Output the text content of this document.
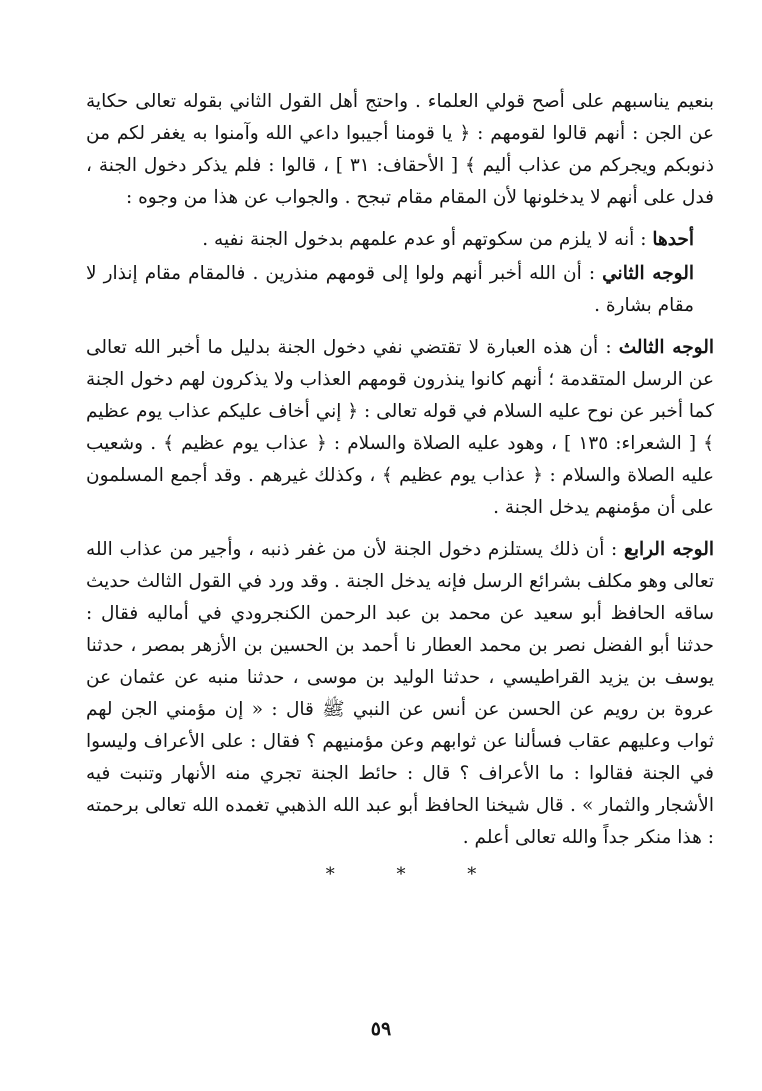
بنعيم يناسبهم على أصح قولي العلماء . واحتج أهل القول الثاني بقوله تعالى حكاية عن الجن : أنهم قالوا لقومهم : ﴿ يا قومنا أجيبوا داعي الله وآمنوا به يغفر لكم من ذنوبكم ويجركم من عذاب أليم ﴾ [ الأحقاف: ٣١ ] ، قالوا : فلم يذكر دخول الجنة ، فدل على أنهم لا يدخلونها لأن المقام مقام تبجح . والجواب عن هذا من وجوه :

أحدها : أنه لا يلزم من سكوتهم أو عدم علمهم بدخول الجنة نفيه .

الوجه الثاني : أن الله أخبر أنهم ولوا إلى قومهم منذرين . فالمقام مقام إنذار لا مقام بشارة .

الوجه الثالث : أن هذه العبارة لا تقتضي نفي دخول الجنة بدليل ما أخبر الله تعالى عن الرسل المتقدمة ؛ أنهم كانوا ينذرون قومهم العذاب ولا يذكرون لهم دخول الجنة كما أخبر عن نوح عليه السلام في قوله تعالى : ﴿ إني أخاف عليكم عذاب يوم عظيم ﴾ [ الشعراء: ١٣٥ ] ، وهود عليه الصلاة والسلام : ﴿ عذاب يوم عظيم ﴾ . وشعيب عليه الصلاة والسلام : ﴿ عذاب يوم عظيم ﴾ ، وكذلك غيرهم . وقد أجمع المسلمون على أن مؤمنهم يدخل الجنة .

الوجه الرابع : أن ذلك يستلزم دخول الجنة لأن من غفر ذنبه ، وأجير من عذاب الله تعالى وهو مكلف بشرائع الرسل فإنه يدخل الجنة . وقد ورد في القول الثالث حديث ساقه الحافظ أبو سعيد عن محمد بن عبد الرحمن الكنجرودي في أماليه فقال : حدثنا أبو الفضل نصر بن محمد العطار نا أحمد بن الحسين بن الأزهر بمصر ، حدثنا يوسف بن يزيد القراطيسي ، حدثنا الوليد بن موسى ، حدثنا منبه عن عثمان عن عروة بن رويم عن الحسن عن أنس عن النبي ﷺ قال : « إن مؤمني الجن لهم ثواب وعليهم عقاب فسألنا عن ثوابهم وعن مؤمنيهم ؟ فقال : على الأعراف وليسوا في الجنة فقالوا : ما الأعراف ؟ قال : حائط الجنة تجري منه الأنهار وتنبت فيه الأشجار والثمار » . قال شيخنا الحافظ أبو عبد الله الذهبي تغمده الله تعالى برحمته : هذا منكر جداً والله تعالى أعلم .

* * *
٥٩
